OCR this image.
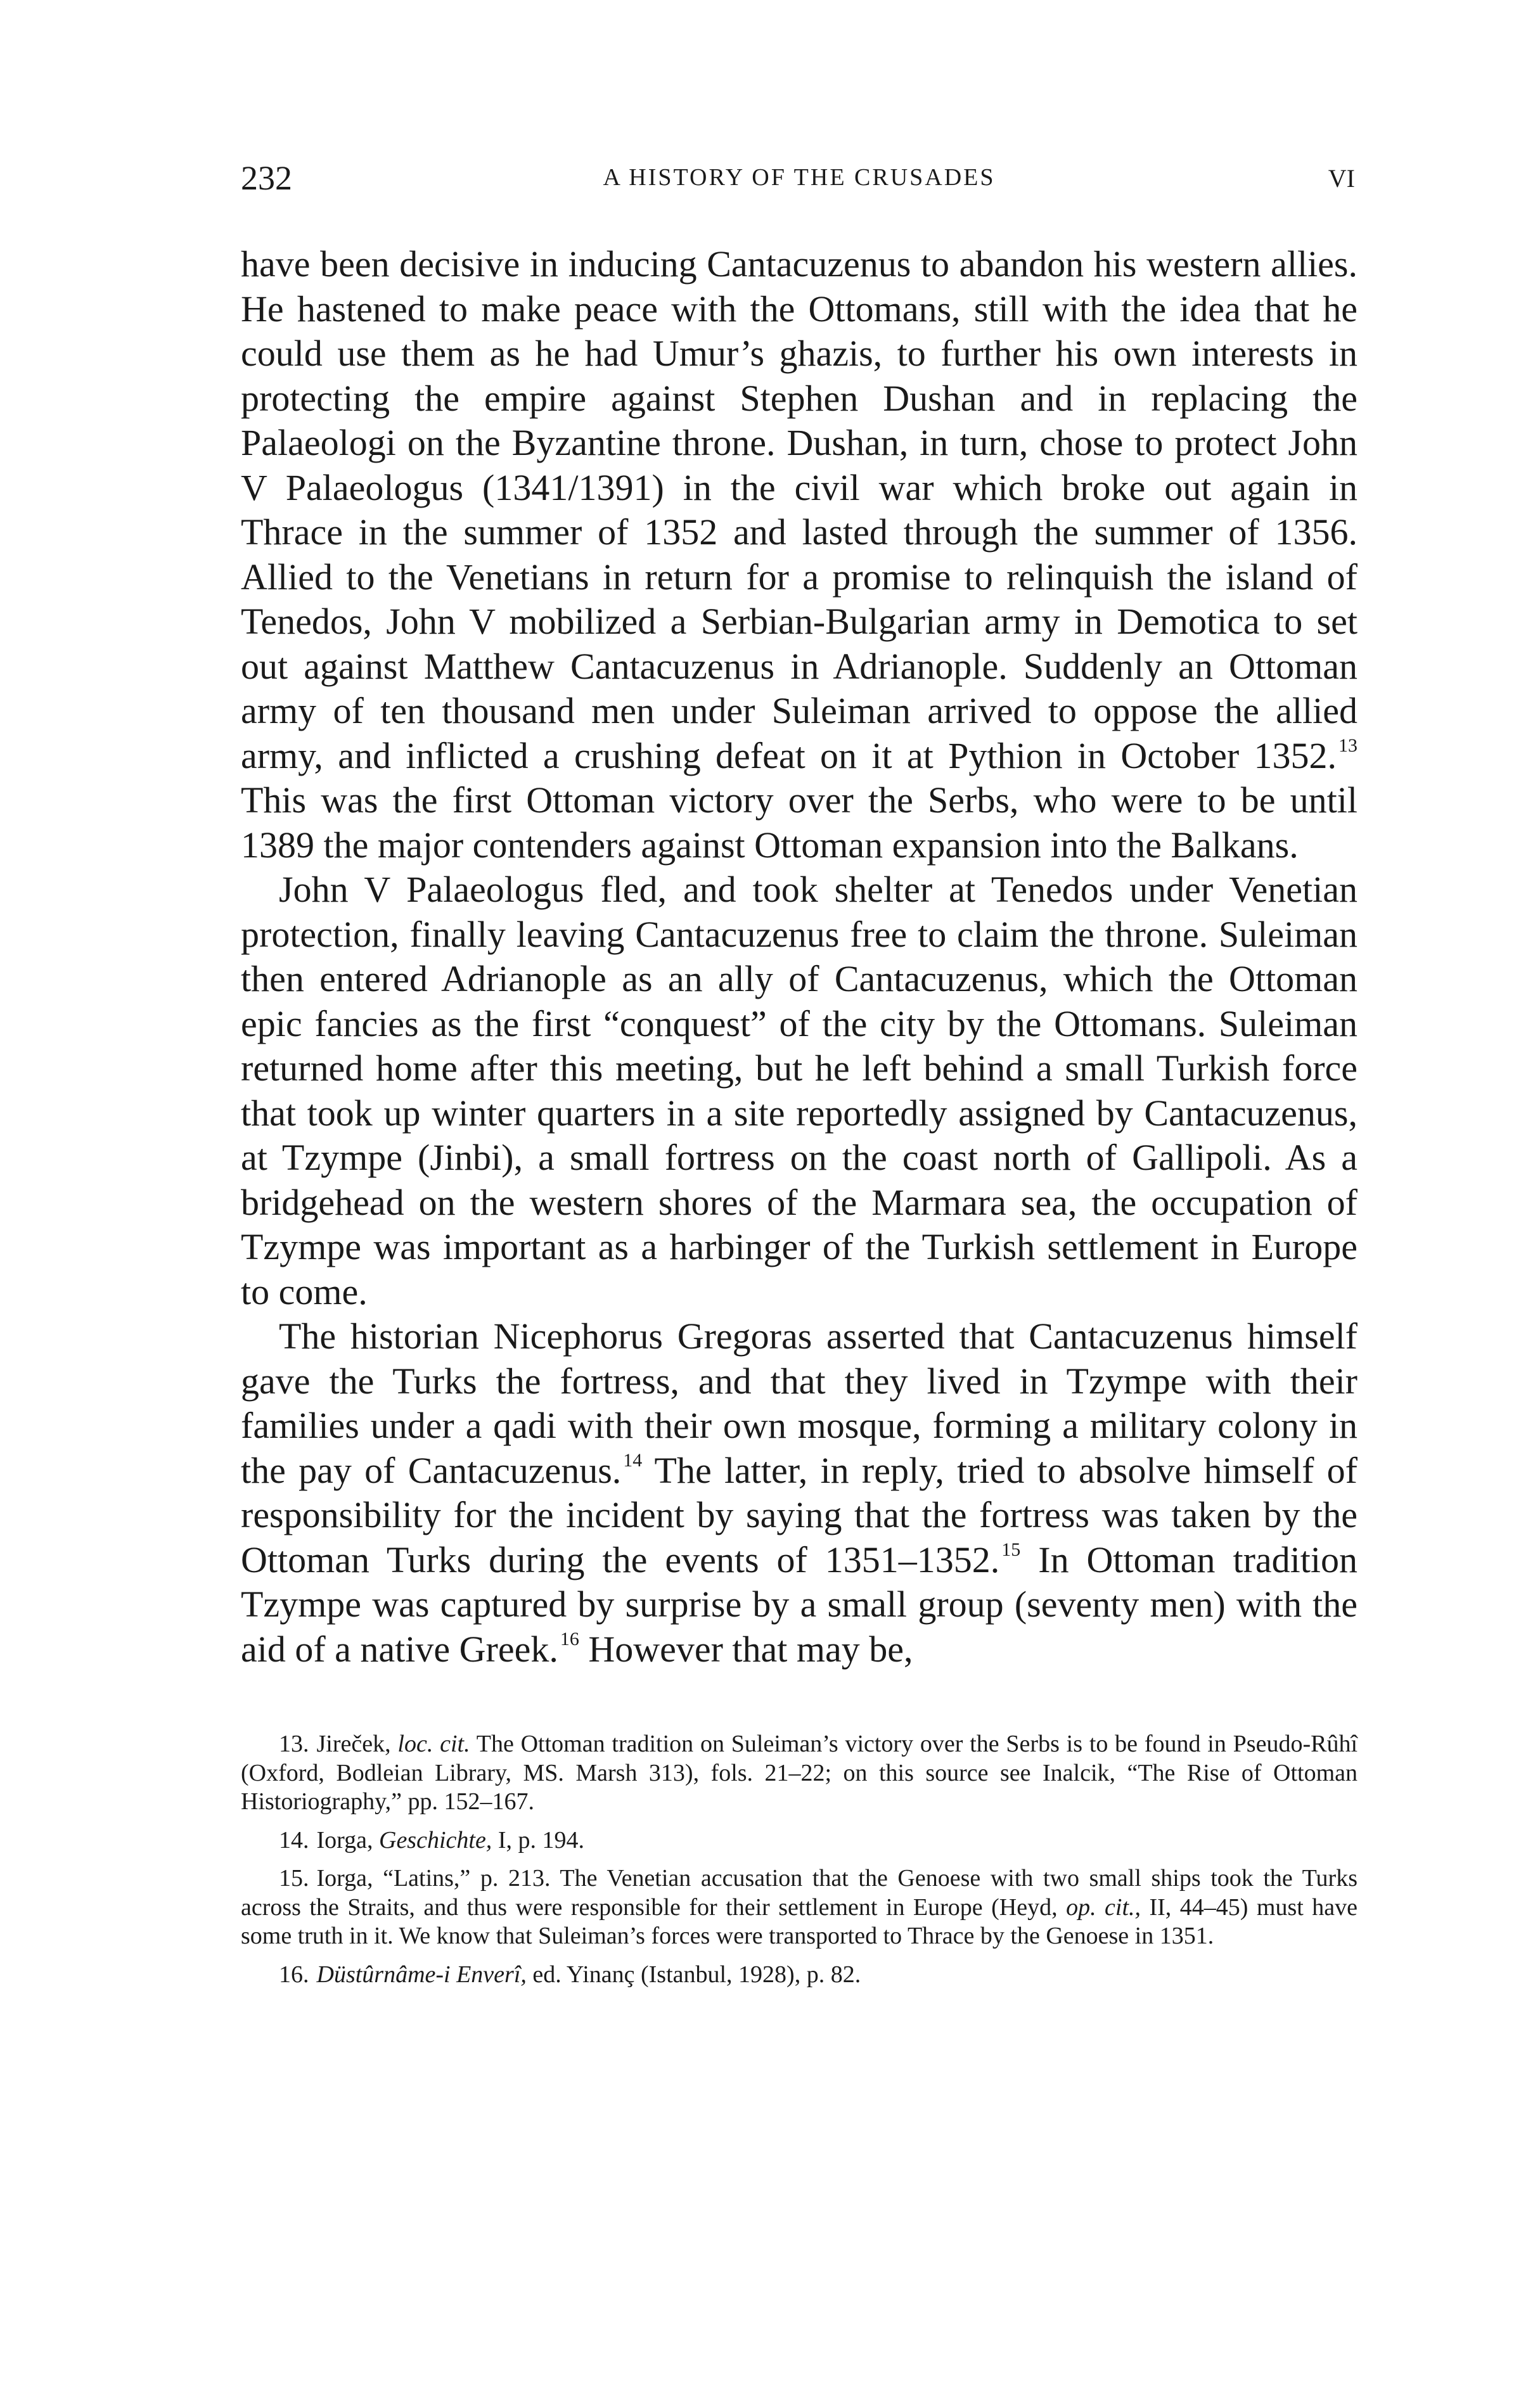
232	A HISTORY OF THE CRUSADES	VI

have been decisive in inducing Cantacuzenus to abandon his western allies. He hastened to make peace with the Ottomans, still with the idea that he could use them as he had Umur’s ghazis, to further his own interests in protecting the empire against Stephen Dushan and in replacing the Palaeologi on the Byzantine throne. Dushan, in turn, chose to protect John V Palaeologus (1341/1391) in the civil war which broke out again in Thrace in the summer of 1352 and lasted through the summer of 1356. Allied to the Venetians in return for a promise to relinquish the island of Tenedos, John V mobilized a Serbian-Bulgarian army in Demotica to set out against Matthew Cantacuzenus in Adrianople. Suddenly an Ottoman army of ten thousand men under Suleiman arrived to oppose the allied army, and inflicted a crushing defeat on it at Pythion in October 1352. $^{13}$ This was the first Ottoman victory over the Serbs, who were to be until 1389 the major contenders against Ottoman expansion into the Balkans.

John V Palaeologus fled, and took shelter at Tenedos under Venetian protection, finally leaving Cantacuzenus free to claim the throne. Suleiman then entered Adrianople as an ally of Cantacuzenus, which the Ottoman epic fancies as the first “conquest” of the city by the Ottomans. Suleiman returned home after this meeting, but he left behind a small Turkish force that took up winter quarters in a site reportedly assigned by Cantacuzenus, at Tzympe (Jinbi), a small fortress on the coast north of Gallipoli. As a bridgehead on the western shores of the Marmara sea, the occupation of Tzympe was important as a harbinger of the Turkish settlement in Europe to come.

The historian Nicephorus Gregoras asserted that Cantacuzenus himself gave the Turks the fortress, and that they lived in Tzympe with their families under a qadi with their own mosque, forming a military colony in the pay of Cantacuzenus. $^{14}$ The latter, in reply, tried to absolve himself of responsibility for the incident by saying that the fortress was taken by the Ottoman Turks during the events of 1351–1352. $^{15}$ In Ottoman tradition Tzympe was captured by surprise by a small group (seventy men) with the aid of a native Greek. $^{16}$ However that may be,

13. Jireček, loc. cit. The Ottoman tradition on Suleiman’s victory over the Serbs is to be found in Pseudo-Rûhî (Oxford, Bodleian Library, MS. Marsh 313), fols. 21–22; on this source see Inalcik, “The Rise of Ottoman Historiography,” pp. 152–167.

14. Iorga, Geschichte, I, p. 194.

15. Iorga, “Latins,” p. 213. The Venetian accusation that the Genoese with two small ships took the Turks across the Straits, and thus were responsible for their settlement in Europe (Heyd, op. cit., II, 44–45) must have some truth in it. We know that Suleiman’s forces were transported to Thrace by the Genoese in 1351.

16. Düstûrnâme-i Enverî, ed. Yinanç (Istanbul, 1928), p. 82.
